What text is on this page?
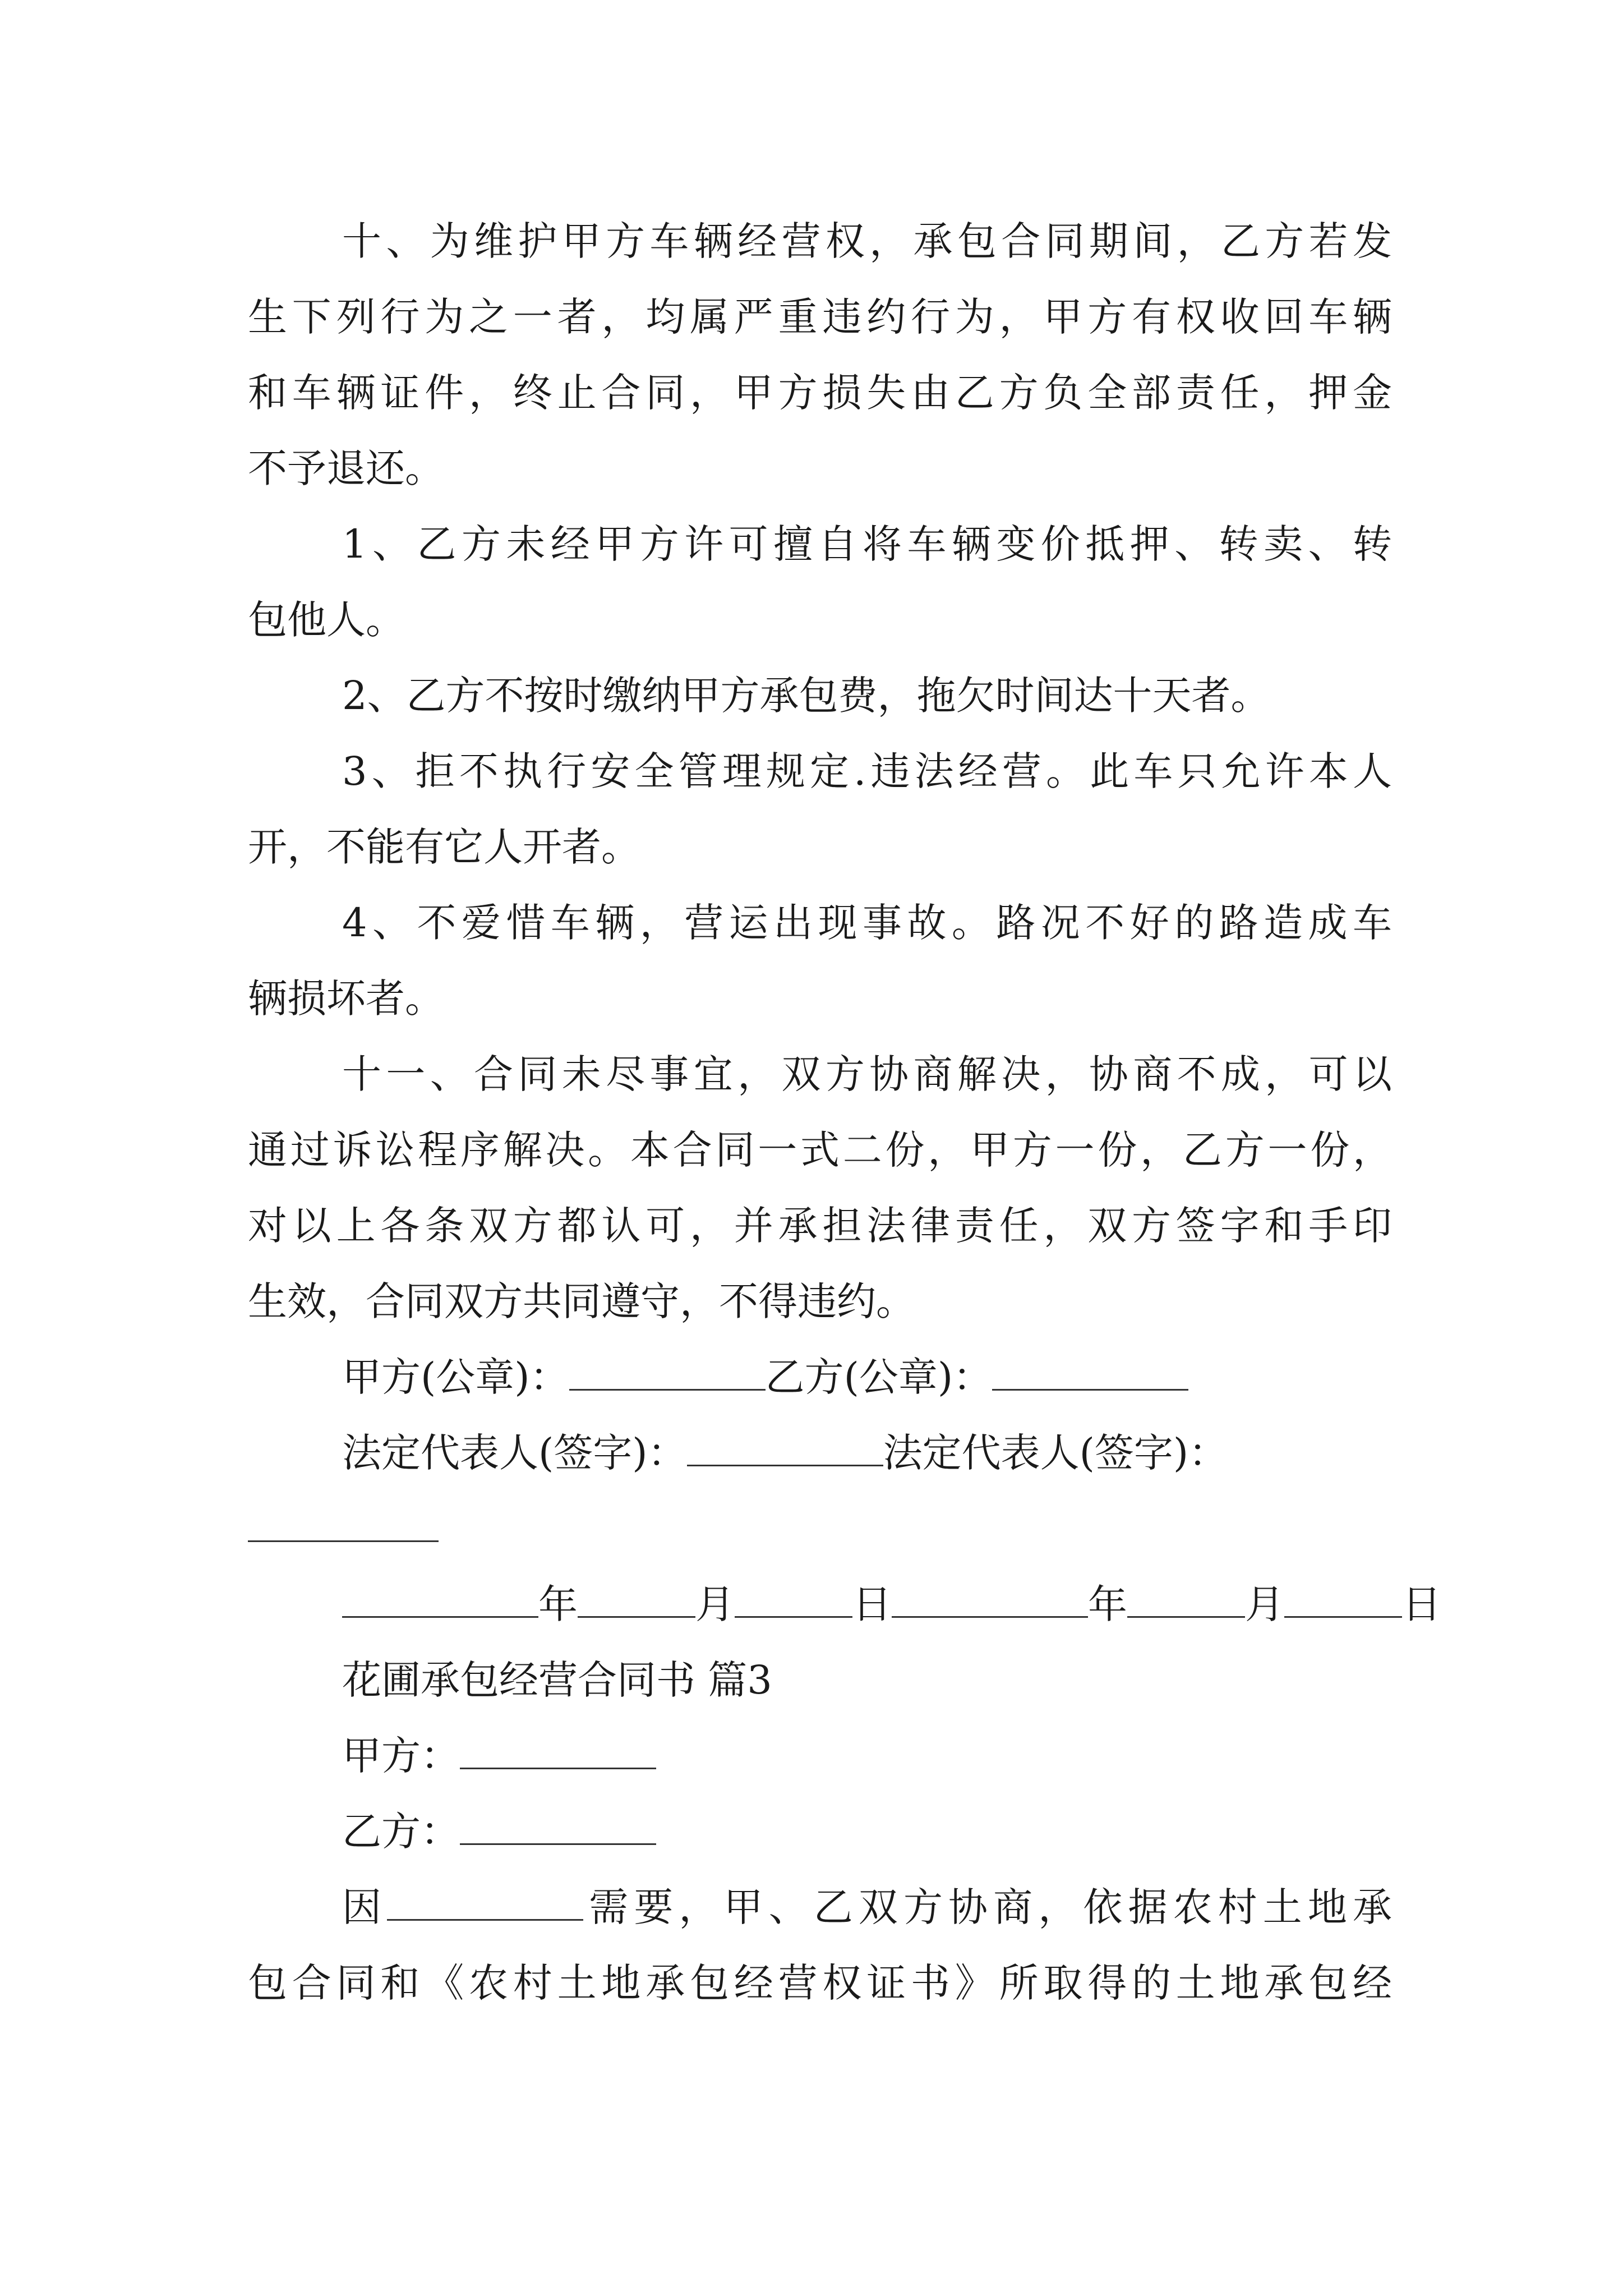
十、为维护甲方车辆经营权，承包合同期间，乙方若发
生下列行为之一者，均属严重违约行为，甲方有权收回车辆
和车辆证件，终止合同，甲方损失由乙方负全部责任，押金
不予退还。
1、乙方未经甲方许可擅自将车辆变价抵押、转卖、转
包他人。
2、乙方不按时缴纳甲方承包费，拖欠时间达十天者。
3、拒不执行安全管理规定.违法经营。此车只允许本人
开，不能有它人开者。
4、不爱惜车辆，营运出现事故。路况不好的路造成车
辆损坏者。
十一、合同未尽事宜，双方协商解决，协商不成，可以
通过诉讼程序解决。本合同一式二份，甲方一份，乙方一份，
对以上各条双方都认可，并承担法律责任，双方签字和手印
生效，合同双方共同遵守，不得违约。
甲方(公章)：	乙方(公章)：
法定代表人(签字)：	法定代表人(签字)：
年	月	日	年	月	日
花圃承包经营合同书 篇3
甲方：
乙方：
因	需要，甲、乙双方协商，依据农村土地承
包合同和《农村土地承包经营权证书》所取得的土地承包经
